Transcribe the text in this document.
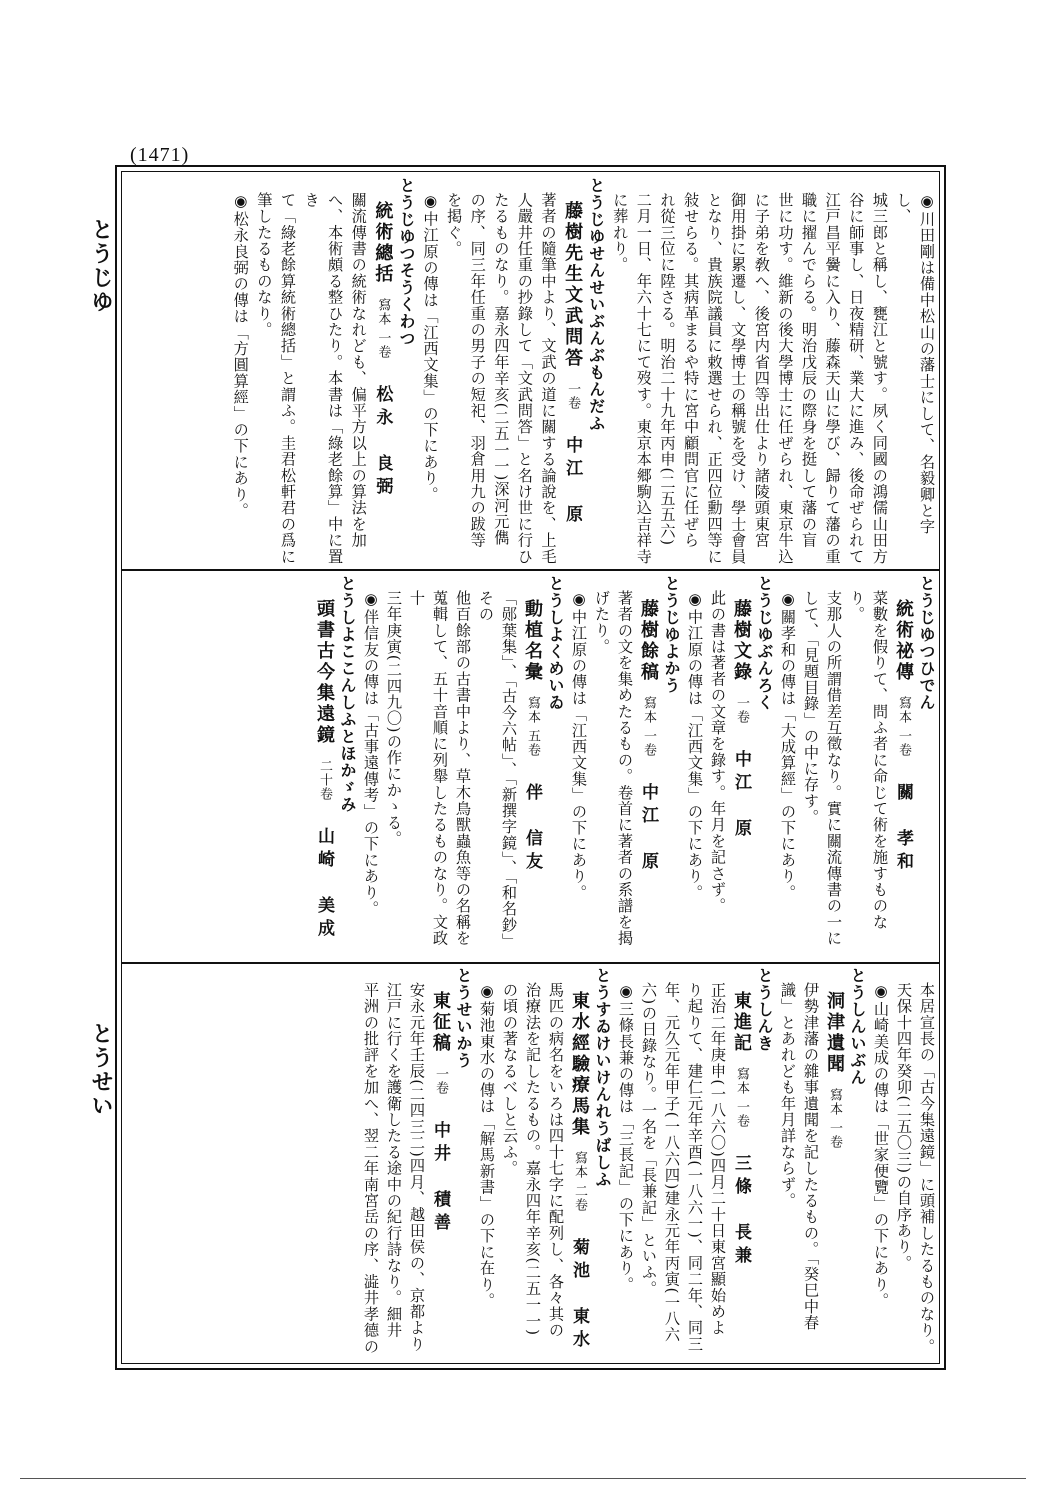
(1471)
とうじゆ
とうせい
◉川田剛は備中松山の藩士にして、名毅卿と字し、
城三郎と稱し、甕江と號す。夙く同國の鴻儒山田方
谷に師事し、日夜精研、業大に進み、後命ぜられて
江戸昌平黌に入り、藤森天山に學び、歸りて藩の重
職に擢んでらる。明治戊辰の際身を挺して藩の盲
世に功す。維新の後大學博士に任ぜられ、東京牛込
に子弟を敎へ、後宮内省四等出仕より諸陵頭東宮
御用掛に累遷し、文學博士の稱號を受け、學士會員
となり、貴族院議員に敕選せられ、正四位勳四等に
敍せらる。其病革まるや特に宮中顧問官に任ぜら
れ從三位に陞さる。明治二十九年丙申(二五五六)
二月一日、年六十七にて歿す。東京本郷駒込吉祥寺
に葬れり。
とうじゆせんせいぶんぶもんだふ
藤樹先生文武問答一卷中江　原
著者の隨筆中より、文武の道に關する論說を、上毛
人嚴井任重の抄錄して「文武問答」と名け世に行ひ
たるものなり。嘉永四年辛亥(二五一一)深河元儁
の序、同三年任重の男子の短祀、羽倉用九の跋等
を掲ぐ。
◉中江原の傳は「江西文集」の下にあり。
とうじゆつそうくわつ
統術總括寫本 一卷松永　良弼
關流傳書の統術なれども、偏平方以上の算法を加
へ、本術頗る整ひたり。本書は「綠老餘算」中に置き
て「綠老餘算統術總括」と謂ふ。圭君松軒君の爲に
筆したるものなり。
◉松永良弼の傳は「方圓算經」の下にあり。
とうじゆつひでん
統術祕傳寫本 一卷關　孝和
菜數を假りて、問ふ者に命じて術を施すものなり。
支那人の所謂借差互徵なり。實に關流傳書の一に
して、「見題目錄」の中に存す。
◉關孝和の傳は「大成算經」の下にあり。
とうじゆぶんろく
藤樹文錄一卷中江　原
此の書は著者の文章を錄す。年月を記さず。
◉中江原の傳は「江西文集」の下にあり。
とうじゆよかう
藤樹餘稿寫本 一卷中江　原
著者の文を集めたるもの。卷首に著者の系譜を揭
げたり。
◉中江原の傳は「江西文集」の下にあり。
とうしよくめいゐ
動植名彙寫本 五卷伴　信友
「郧葉集」、「古今六帖」、「新撰字鏡」、「和名鈔」その
他百餘部の古書中より、草木鳥獸蟲魚等の名稱を
蒐輯して、五十音順に列舉したるものなり。文政十
三年庚寅(二四九〇)の作にかゝる。
◉伴信友の傳は「古事遠傳考」の下にあり。
とうしよここんしふとほかゞみ
頭書古今集遠鏡二十卷山崎　美成
本居宣長の「古今集遠鏡」に頭補したるものなり。
天保十四年癸卯(二五〇三)の自序あり。
◉山崎美成の傳は「世家便覽」の下にあり。
とうしんいぶん
洞津遺聞寫本 一卷
伊勢津藩の雜事遺聞を記したるもの。「癸巳中春
識」とあれども年月詳ならず。
とうしんき
東進記寫本 一卷三條　長兼
正治二年庚申(一八六〇)四月二十日東宮顯始めよ
り起りて、建仁元年辛酉(一八六一)、同二年、同三
年、元久元年甲子(一八六四)建永元年丙寅(一八六
六)の日錄なり。一名を「長兼記」といふ。
◉三條長兼の傳は「三長記」の下にあり。
とうすゐけいけんれうばしふ
東水經驗療馬集寫本 二卷菊池　東水
馬匹の病名をいろは四十七字に配列し、各々其の
治療法を記したるもの。嘉永四年辛亥(二五一一)
の頃の著なるべしと云ふ。
◉菊池東水の傳は「解馬新書」の下に在り。
とうせいかう
東征稿一卷中井　積善
安永元年壬辰(二四三二)四月、越田侯の、京都より
江戸に行くを護衛したる途中の紀行詩なり。細井
平洲の批評を加へ、翌二年南宮岳の序、澁井孝德の
